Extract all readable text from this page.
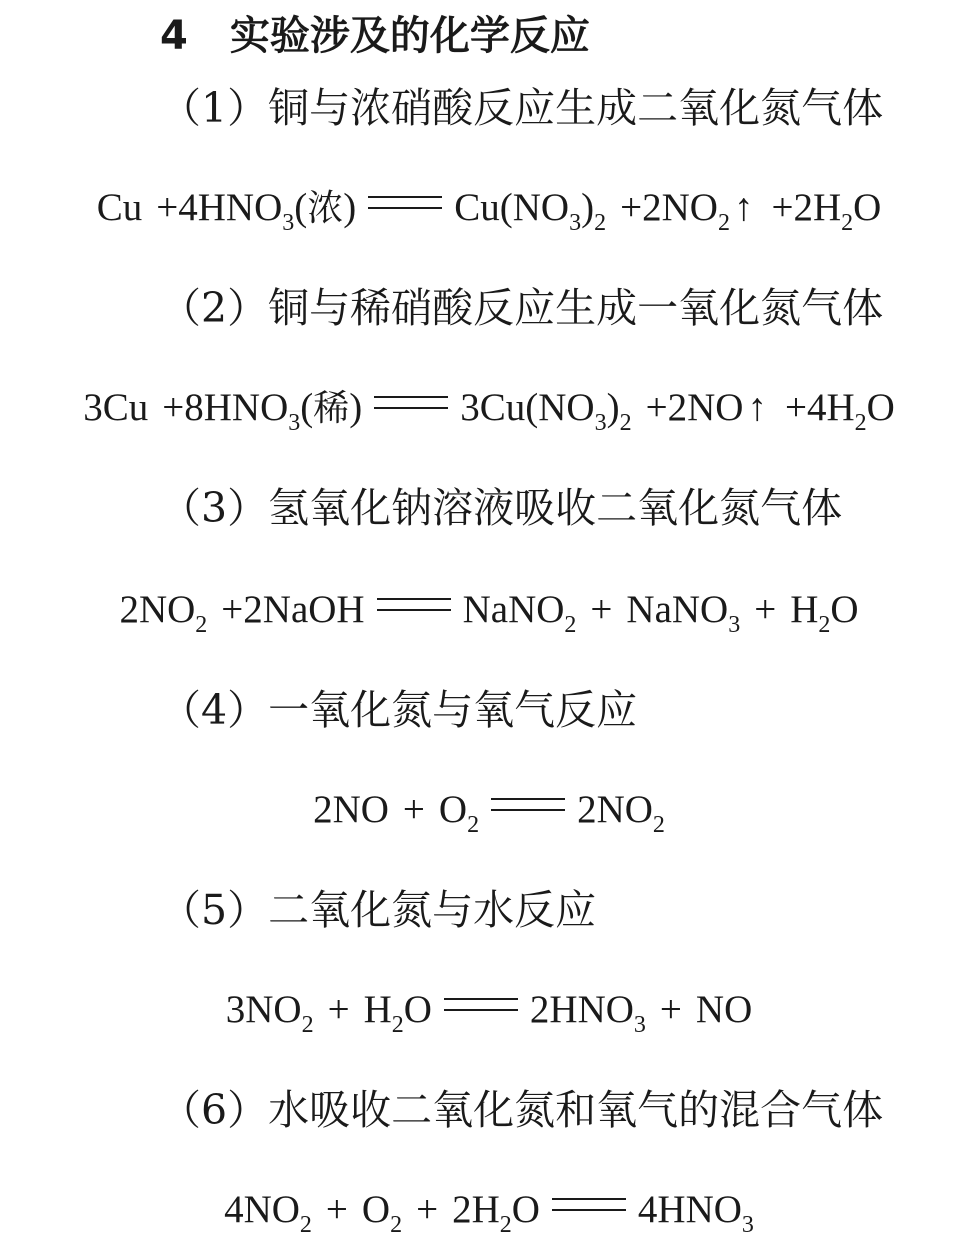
4 实验涉及的化学反应
（1）铜与浓硝酸反应生成二氧化氮气体
$Cu +4HNO_3$(浓)	$Cu(NO_3)_2 +2NO_2$ ↑ $+2H_2O$
（2）铜与稀硝酸反应生成一氧化氮气体
$3Cu +8HNO_3$(稀)	$3Cu(NO_3)_2 +2NO$ ↑ $+4H_2O$
（3）氢氧化钠溶液吸收二氧化氮气体
$2NO_2$ +2NaOH	NaNO$_2$ + NaNO$_3$ + $H_2O$
（4）一氧化氮与氧气反应
$2NO + O_2$	$2NO_2$
（5）二氧化氮与水反应
$3NO_2 + H_2O$	$2HNO_3$ + NO
（6）水吸收二氧化氮和氧气的混合气体
$4NO_2 + O_2 + 2H_2O$	$4HNO_3$
